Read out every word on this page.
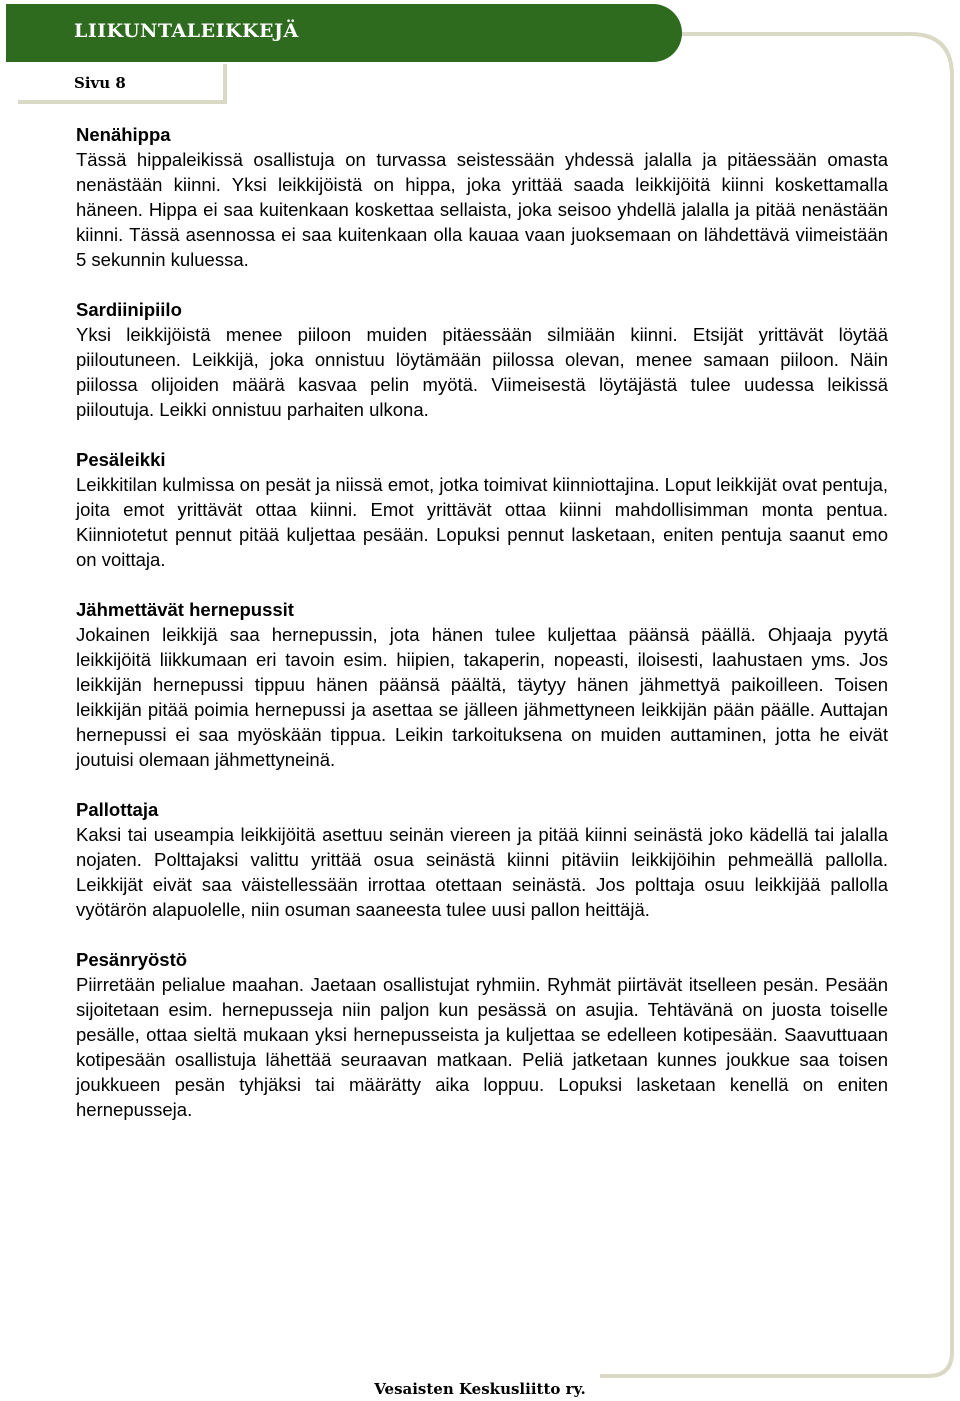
LIIKUNTALEIKKEJÄ
Sivu 8

Nenähippa

Tässä hippaleikissä osallistuja on turvassa seistessään yhdessä jalalla ja pitäessään omasta nenästään kiinni. Yksi leikkijöistä on hippa, joka yrittää saada leikkijöitä kiinni koskettamalla häneen. Hippa ei saa kuitenkaan koskettaa sellaista, joka seisoo yhdellä jalalla ja pitää nenästään kiinni. Tässä asennossa ei saa kuitenkaan olla kauaa vaan juoksemaan on lähdettävä viimeistään 5 sekunnin kuluessa.

Sardiinipiilo

Yksi leikkijöistä menee piiloon muiden pitäessään silmiään kiinni. Etsijät yrittävät löytää piiloutuneen. Leikkijä, joka onnistuu löytämään piilossa olevan, menee samaan piiloon. Näin piilossa olijoiden määrä kasvaa pelin myötä. Viimeisestä löytäjästä tulee uudessa leikissä piiloutuja. Leikki onnistuu parhaiten ulkona.

Pesäleikki

Leikkitilan kulmissa on pesät ja niissä emot, jotka toimivat kiinniottajina. Loput leikkijät ovat pentuja, joita emot yrittävät ottaa kiinni. Emot yrittävät ottaa kiinni mahdollisimman monta pentua. Kiinniotetut pennut pitää kuljettaa pesään. Lopuksi pennut lasketaan, eniten pentuja saanut emo on voittaja.

Jähmettävät hernepussit

Jokainen leikkijä saa hernepussin, jota hänen tulee kuljettaa päänsä päällä. Ohjaaja pyytä leikkijöitä liikkumaan eri tavoin esim. hiipien, takaperin, nopeasti, iloisesti, laahustaen yms. Jos leikkijän hernepussi tippuu hänen päänsä päältä, täytyy hänen jähmettyä paikoilleen. Toisen leikkijän pitää poimia hernepussi ja asettaa se jälleen jähmettyneen leikkijän pään päälle. Auttajan hernepussi ei saa myöskään tippua. Leikin tarkoituksena on muiden auttaminen, jotta he eivät joutuisi olemaan jähmettyneinä.

Pallottaja

Kaksi tai useampia leikkijöitä asettuu seinän viereen ja pitää kiinni seinästä joko kädellä tai jalalla nojaten. Polttajaksi valittu yrittää osua seinästä kiinni pitäviin leikkijöihin pehmeällä pallolla. Leikkijät eivät saa väistellessään irrottaa otettaan seinästä. Jos polttaja osuu leikkijää pallolla vyötärön alapuolelle, niin osuman saaneesta tulee uusi pallon heittäjä.

Pesänryöstö

Piirretään pelialue maahan. Jaetaan osallistujat ryhmiin. Ryhmät piirtävät itselleen pesän. Pesään sijoitetaan esim. hernepusseja niin paljon kun pesässä on asujia. Tehtävänä on juosta toiselle pesälle, ottaa sieltä mukaan yksi hernepusseista ja kuljettaa se edelleen kotipesään. Saavuttuaan kotipesään osallistuja lähettää seuraavan matkaan. Peliä jatketaan kunnes joukkue saa toisen joukkueen pesän tyhjäksi tai määrätty aika loppuu. Lopuksi lasketaan kenellä on eniten hernepusseja.

Vesaisten Keskusliitto ry.
